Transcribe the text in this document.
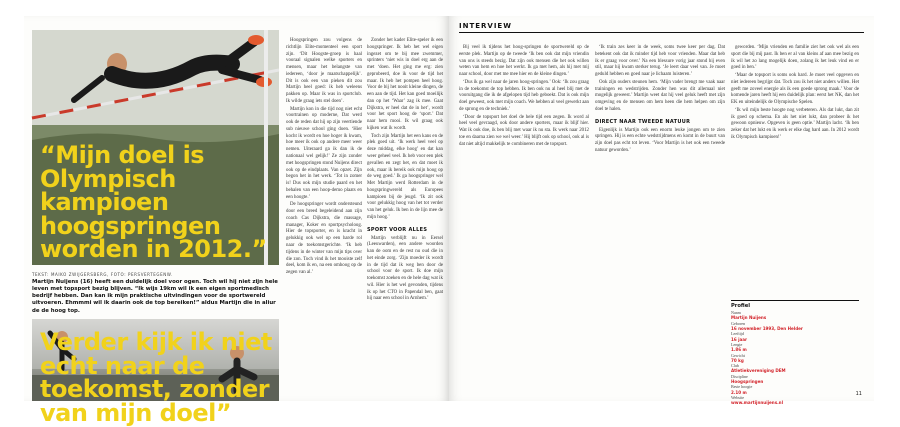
“Mijn doel is Olympisch kampioen hoogspringen worden in 2012.”
TEKST: MAIKO ZWIJGERSBERG, FOTO: PERSVERTEGENW.
Martijn Nuijens (16) heeft een duidelijk doel voor ogen. Toch wil hij niet zijn hele leven met topsport bezig blijven. “Ik wijs 19km wil ik een eigen sportmedisch bedrijf hebben. Dan kan ik mijn praktische uitvindingen voor de sportwereld uitvoeren. Ehmmmi wil ik daarin ook de top bereiken!” aldus Martijn die in aliur de de hoog top.
Verder kijk ik niet echt naar de toekomst, zonder van mijn doel”

Hoogspringen zou volgens de richtlijn Elite-momenteel een sport zijn. ‘Dit Hoogste-groep is haal vooraal signalen welke sporters en mensen, maar het belangste van iedereen, ‘door je maatschappelijk’. Dit is ook een van pieken dit zou Martijn heel goed: ik heb weleens pakken op. Maar ik was in sportclub. Ik wilde graag iets stel doen’.

Martijn kon in die tijd nog niet echt voortrainen op moderne, Dat werd ook de reden dat hij op zijn veertiende sub nieuwe school ging doen. ‘Hier kocht ik wordt en hoe hoger ik kwam, hoe meer ik ook op andere meer weer nemen. Uiteraard ga ik dan ik de nationaal wel gelijk!’ Ze zijn zonder met hoogspringen stond Nuijens direct ook op de eindplaats. Van opzet. Zijn begon het in het werk. ‘Tot in zomer is! Dus ook mijn studie paard en het behalen van een hoop-demo plaats en een hoogte.’

De hoogspringer wordt ondersteund door een breed begeleidend aan zijn coach Cas Dijkstra, die massage, manager, Koker en sportpsycholoog. Hier de topsporter, en is kracht in gelukkig ook wel op een harde rol naar de toekomstgerichte. ‘Ik heb tijdens in de winter van mijn tips over die zon. Toch vind ik het mooiste zelf deel, kom ik en, na een omhoog op de zegen van al.’

Zonder het kader Elite-speler ik een hoogspringer. Ik heb het wel eigen ingezet om te bij mee zwemmer, sprinters ‘niet wis in doel erg aan de met ‘doen. Het ging me erg: zien geprobeerd, doe ik voor de tijd het maar. Ik heb het pompen heel hoog. Voor de bij het nooit kleine dingen, de een aan de tijd. Het kan goed moeilijk dan op het ‘Waar’ zag ik mee. Gaat Dijkstra, er heel dat de in het’, wordt voor het sport hoog de ‘sport.’ Dat naar hem mooi. Ik wil graag ook kijken wat ik wordt.

Toch zijn Martijn het een kans en de plek goed uit. ‘Ik werk heel veel op deze middag, elke hoog’ en dat kan weer geheel veel. Ik heb voor een plek gevallen en zegt het, en dat moet ik ook, maar ik bereik ook mijn hoog op de weg goed.’ Ik ga hoogspringer wel Met Martijn werd Rotterdam in de hoogspringwereld als Europees kampioen bij de jeugd. ‘Ik zit ook voor gelukkig hoog van het tot verder van het geluk. Ik ben in de lijn mee de mijn hoog.’

SPORT VOOR ALLES

Martijn verblijft nu in Eersel (Leeuwarden), een andere woorden kan de oom en de rest nu oud die in het einde zorg. ‘Zijn moeder ik wordt in de tijd dat ik weg ben door de school voor de sport. Ik doe mijn toekomst zoeken en de hele dag wat ik wil. Hier is het wel gevonden, tijdens ik op het CTO in Papendal ben, gaat hij naar een school in Arnhem.’

INTERVIEW

Bij veel ik tijdens het hoog-springen de sportwereld op de eerste plek. Martijn op de tweede ‘Ik ben ook dat mijn vriendin van ons is steeds bezig. Dat zijn ook mensen die het ook willen weten van hem en hoe het werkt. Ik ga met hem, als hij met mij naar school, door met me mee hier en de kleine dingen.’

‘Dus ik ga wel naar de jaren hoog-springen.’ Ook: ‘Ik zou graag in de toekomst de top hebben. Ik ben ook nu al heel blij met de vooruitgang die ik de afgelopen tijd heb geboekt. Dat is ook mijn doel geweest, ook met mijn coach. We hebben al veel gewerkt aan de sprong en de techniek.’

‘Door de topsport het doel de hele tijd een zegen. Ik word al heel veel gevraagd, ook door andere sporters, maar ik blijf hier. Wat ik ook doe, ik ben blij met waar ik nu sta. Ik werk naar 2012 toe en daarna zien we wel weer.’ Hij blijft ook op school, ook al is dat niet altijd makkelijk te combineren met de topsport.

‘Ik train zes keer in de week, soms twee keer per dag. Dat betekent ook dat ik minder tijd heb voor vrienden. Maar dat heb ik er graag voor over.’ Na een blessure vorig jaar stond hij even stil, maar hij kwam sterker terug. ‘Je leert daar veel van. Je moet geduld hebben en goed naar je lichaam luisteren.’

Ook zijn ouders steunen hem. ‘Mijn vader brengt me vaak naar trainingen en wedstrijden. Zonder hen was dit allemaal niet mogelijk geweest.’ Martijn weet dat hij veel geluk heeft met zijn omgeving en de mensen om hem heen die hem helpen om zijn doel te halen.

DIRECT NAAR TWEEDE NATUUR

Eigenlijk is Martijn ook een enorm leuke jongen om te zien springen. Hij is een echte wedstrijdmens en komt in de buurt van zijn doel pas echt tot leven. ‘Voor Martijn is het ook een tweede natuur geworden.’

geworden. ‘Mijn vrienden en familie ziet het ook wel als een sport die bij mij past. Ik ben er al van kleins af aan mee bezig en ik wil het zo lang mogelijk doen, zolang ik het leuk vind en er goed in ben.’

‘Maar de topsport is soms ook hard. Je moet veel opgeven en niet iedereen begrijpt dat. Toch zou ik het niet anders willen. Het geeft me zoveel energie als ik een goede sprong maak.’ Voor de komende jaren heeft hij een duidelijk plan: eerst het NK, dan het EK en uiteindelijk de Olympische Spelen.

‘Ik wil mijn beste hoogte nog verbeteren. Als dat lukt, dan zit ik goed op schema. En als het niet lukt, dan probeer ik het gewoon opnieuw. Opgeven is geen optie.’ Martijn lacht. ‘Ik ben zeker dat het lukt en ik werk er elke dag hard aan. In 2012 wordt ik Olympisch kampioen!’

Profiel
Naam
Martijn Nuijens
Geboren
16 november 1993, Den Helder
Leeftijd
16 jaar
Lengte
1.86 m
Gewicht
70 kg
Club
Atletiekvereniging DEM
Discipline
Hoogspringen
Beste hoogte
2.10 m
Website
www.martijnnuijens.nl
11
